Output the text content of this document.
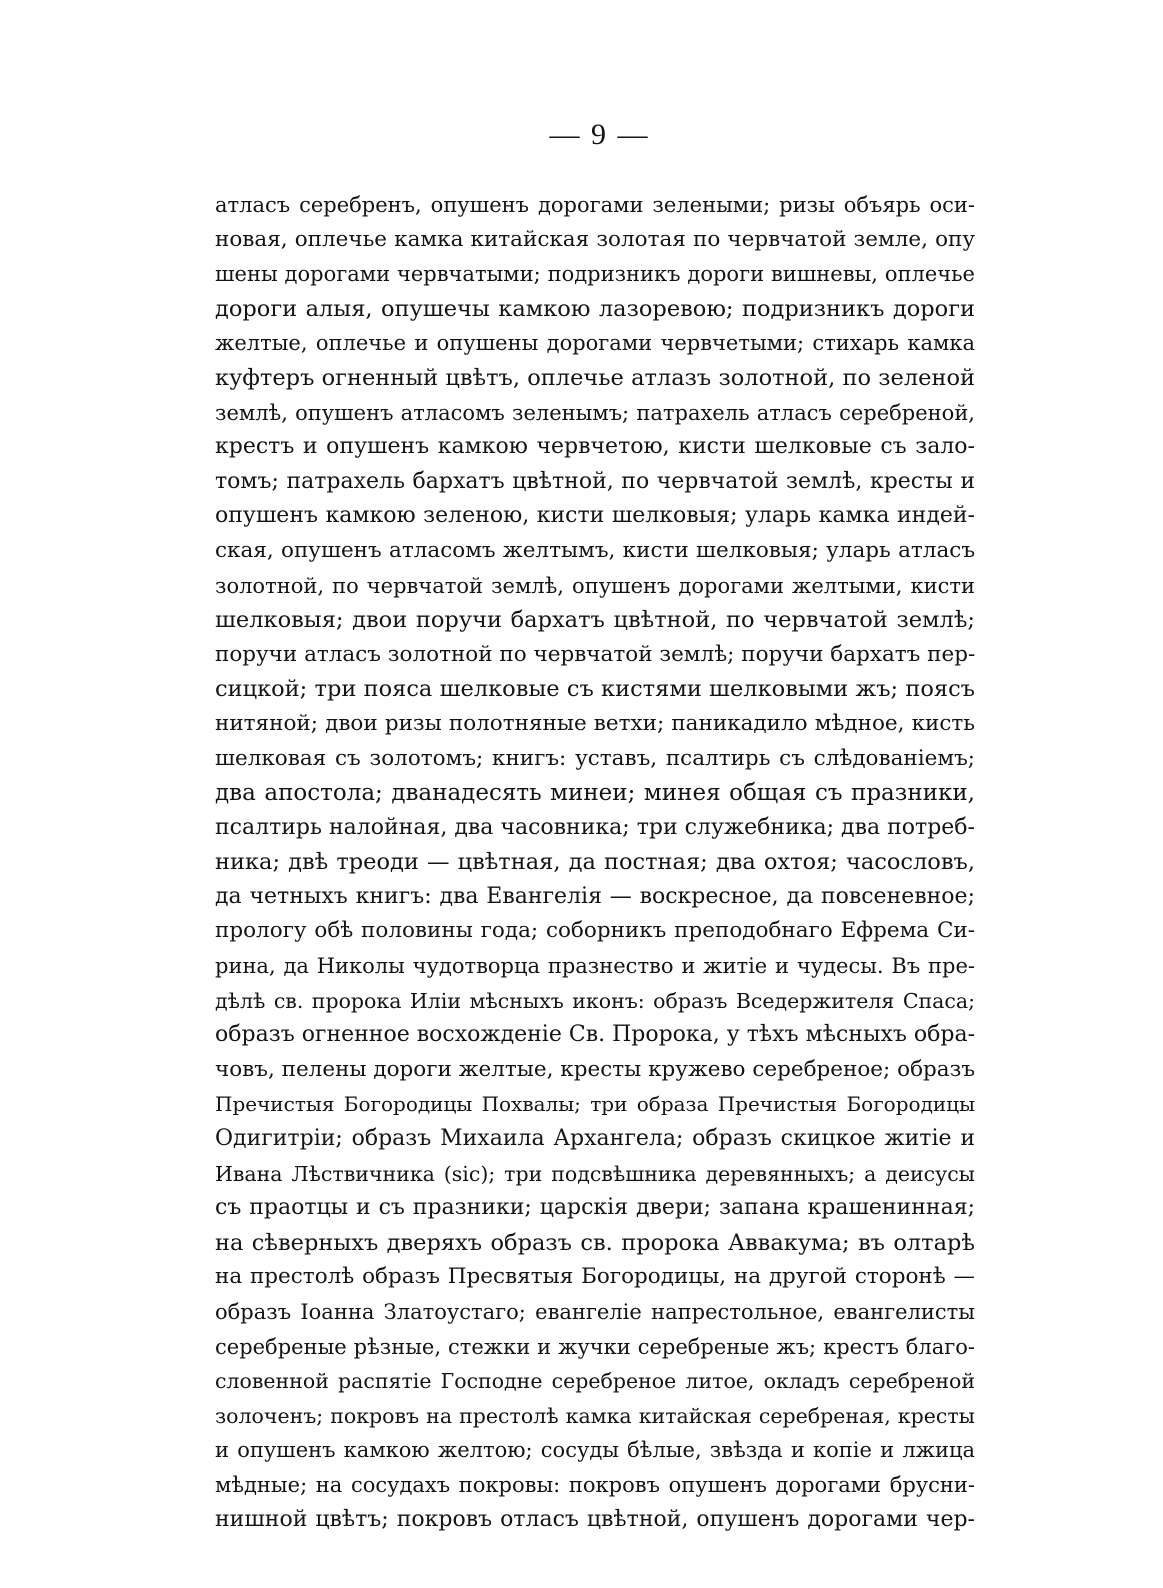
— 9 —
атласъ серебренъ, опушенъ дорогами зелеными; ризы объярь оси-
новая, оплечье камка китайская золотая по червчатой земле, опу
шены дорогами червчатыми; подризникъ дороги вишневы, оплечье
дороги алыя, опушечы камкою лазоревою; подризникъ дороги
желтые, оплечье и опушены дорогами червчетыми; стихарь камка
куфтеръ огненный цвѣтъ, оплечье атлазъ золотной, по зеленой
землѣ, опушенъ атласомъ зеленымъ; патрахель атласъ серебреной,
крестъ и опушенъ камкою червчетою, кисти шелковые съ зало-
томъ; патрахель бархатъ цвѣтной, по червчатой землѣ, кресты и
опушенъ камкою зеленою, кисти шелковыя; уларь камка индей-
ская, опушенъ атласомъ желтымъ, кисти шелковыя; уларь атласъ
золотной, по червчатой землѣ, опушенъ дорогами желтыми, кисти
шелковыя; двои поручи бархатъ цвѣтной, по червчатой землѣ;
поручи атласъ золотной по червчатой землѣ; поручи бархатъ пер-
сицкой; три пояса шелковые съ кистями шелковыми жъ; поясъ
нитяной; двои ризы полотняные ветхи; паникадило мѣдное, кисть
шелковая съ золотомъ; книгъ: уставъ, псалтирь съ слѣдованіемъ;
два апостола; дванадесять минеи; минея общая съ празники,
псалтирь налойная, два часовника; три служебника; два потреб-
ника; двѣ треоди — цвѣтная, да постная; два охтоя; часословъ,
да четныхъ книгъ: два Евангелія — воскресное, да повсеневное;
прологу обѣ половины года; соборникъ преподобнаго Ефрема Си-
рина, да Николы чудотворца празнество и житіе и чудесы. Въ пре-
дѣлѣ св. пророка Илiи мѣсныхъ иконъ: образъ Вседержителя Спаса;
образъ огненное восхожденіе Св. Пророка, у тѣхъ мѣсныхъ обра-
човъ, пелены дороги желтые, кресты кружево серебреное; образъ
Пречистыя Богородицы Похвалы; три образа Пречистыя Богородицы
Одигитріи; образъ Михаила Архангела; образъ скицкое житіе и
Ивана Лѣствичника (sic); три подсвѣшника деревянныхъ; а деисусы
съ праотцы и съ празники; царскія двери; запана крашенинная;
на сѣверныхъ дверяхъ образъ св. пророка Аввакума; въ олтарѣ
на престолѣ образъ Пресвятыя Богородицы, на другой сторонѣ —
образъ Іоанна Златоустаго; евангеліе напрестольное, евангелисты
серебреные рѣзные, стежки и жучки серебреные жъ; крестъ благо-
словенной распятіе Господне серебреное литое, окладъ серебреной
золоченъ; покровъ на престолѣ камка китайская серебреная, кресты
и опушенъ камкою желтою; сосуды бѣлые, звѣзда и копіе и лжица
мѣдные; на сосудахъ покровы: покровъ опушенъ дорогами брусни-
нишной цвѣтъ; покровъ отласъ цвѣтной, опушенъ дорогами чер-
